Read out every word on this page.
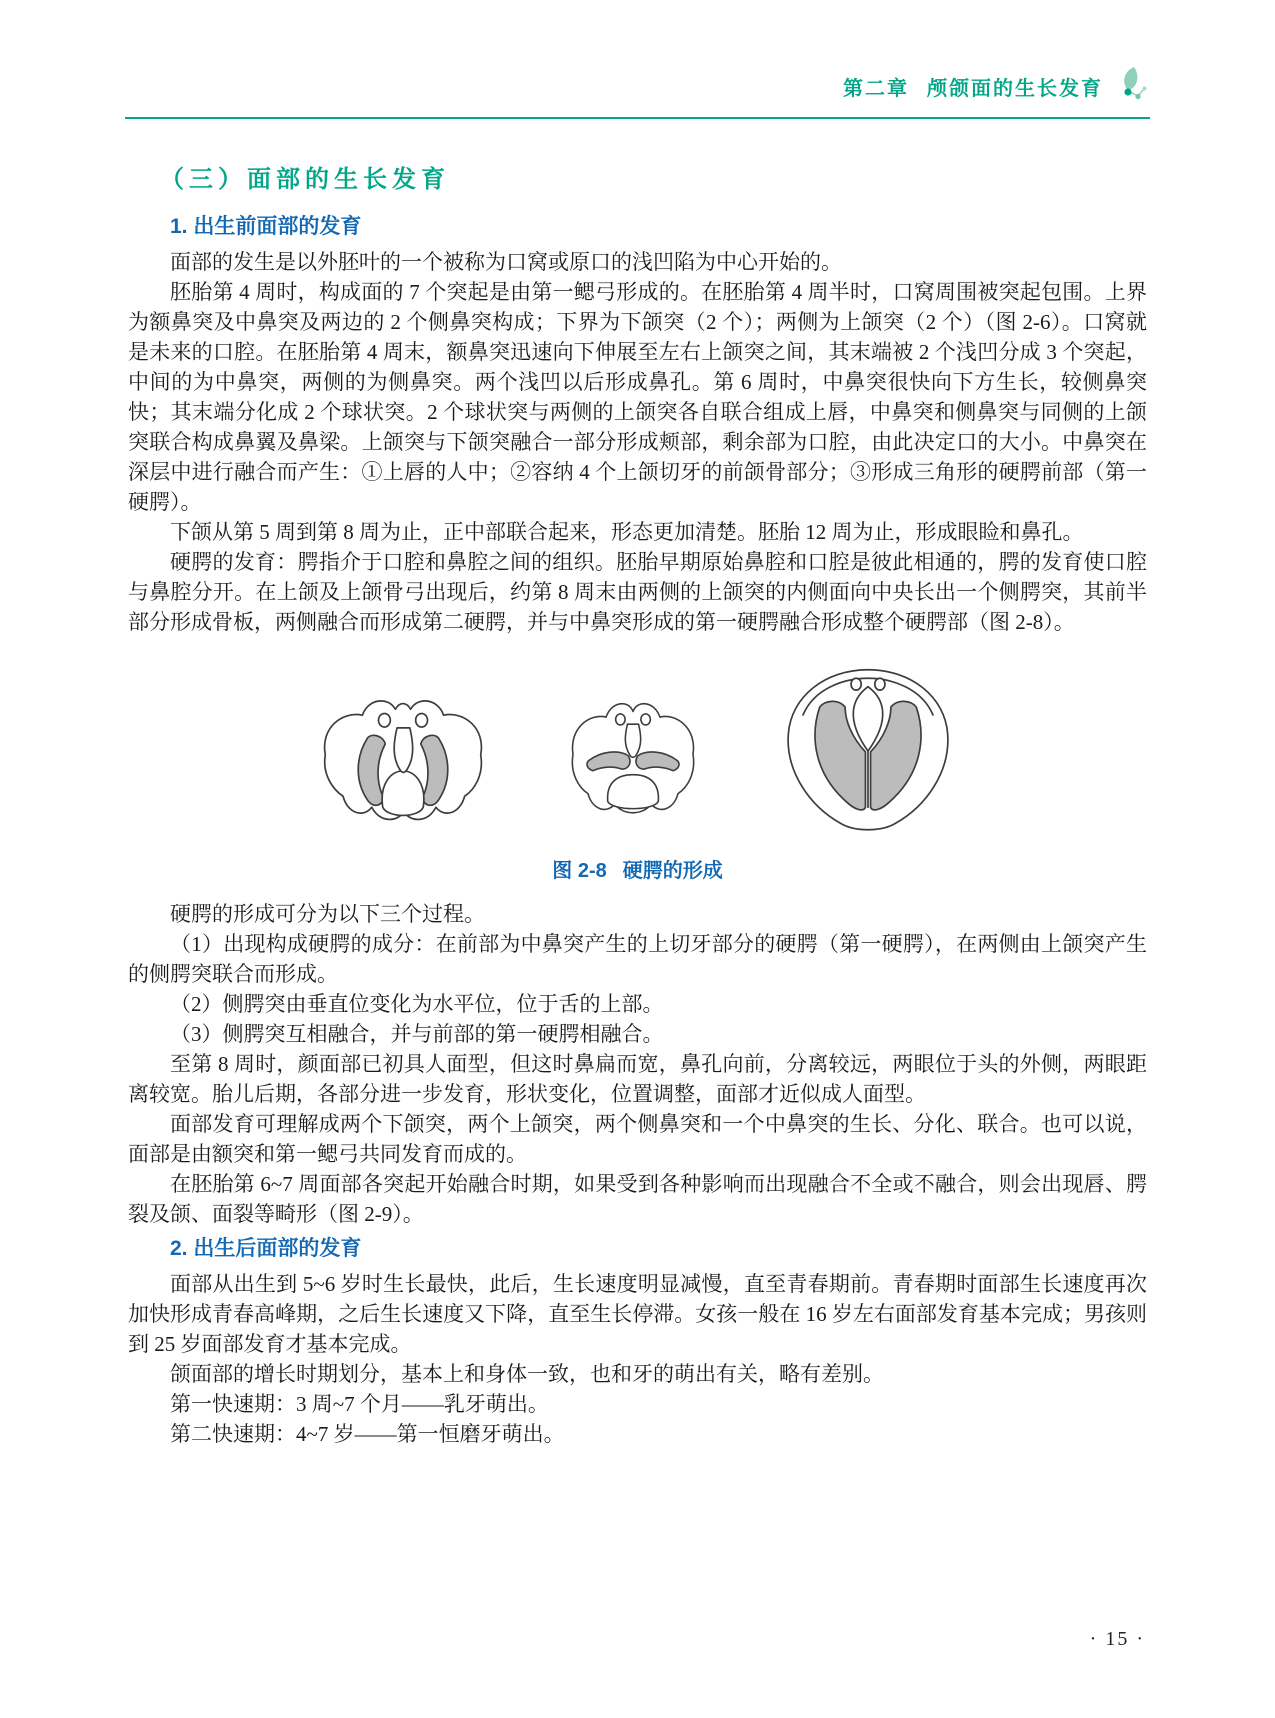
第二章 颅颌面的生长发育
（三）面部的生长发育
1. 出生前面部的发育

面部的发生是以外胚叶的一个被称为口窝或原口的浅凹陷为中心开始的。

胚胎第 4 周时，构成面的 7 个突起是由第一鳃弓形成的。在胚胎第 4 周半时，口窝周围被突起包围。上界为额鼻突及中鼻突及两边的 2 个侧鼻突构成；下界为下颌突（2 个）；两侧为上颌突（2 个）（图 2-6）。口窝就是未来的口腔。在胚胎第 4 周末，额鼻突迅速向下伸展至左右上颌突之间，其末端被 2 个浅凹分成 3 个突起，中间的为中鼻突，两侧的为侧鼻突。两个浅凹以后形成鼻孔。第 6 周时，中鼻突很快向下方生长，较侧鼻突快；其末端分化成 2 个球状突。2 个球状突与两侧的上颌突各自联合组成上唇，中鼻突和侧鼻突与同侧的上颌突联合构成鼻翼及鼻梁。上颌突与下颌突融合一部分形成颊部，剩余部为口腔，由此决定口的大小。中鼻突在深层中进行融合而产生：①上唇的人中；②容纳 4 个上颌切牙的前颌骨部分；③形成三角形的硬腭前部（第一硬腭）。

下颌从第 5 周到第 8 周为止，正中部联合起来，形态更加清楚。胚胎 12 周为止，形成眼睑和鼻孔。

硬腭的发育：腭指介于口腔和鼻腔之间的组织。胚胎早期原始鼻腔和口腔是彼此相通的，腭的发育使口腔与鼻腔分开。在上颌及上颌骨弓出现后，约第 8 周末由两侧的上颌突的内侧面向中央长出一个侧腭突，其前半部分形成骨板，两侧融合而形成第二硬腭，并与中鼻突形成的第一硬腭融合形成整个硬腭部（图 2-8）。

图 2-8 硬腭的形成

硬腭的形成可分为以下三个过程。

（1）出现构成硬腭的成分：在前部为中鼻突产生的上切牙部分的硬腭（第一硬腭），在两侧由上颌突产生的侧腭突联合而形成。

（2）侧腭突由垂直位变化为水平位，位于舌的上部。

（3）侧腭突互相融合，并与前部的第一硬腭相融合。

至第 8 周时，颜面部已初具人面型，但这时鼻扁而宽，鼻孔向前，分离较远，两眼位于头的外侧，两眼距离较宽。胎儿后期，各部分进一步发育，形状变化，位置调整，面部才近似成人面型。

面部发育可理解成两个下颌突，两个上颌突，两个侧鼻突和一个中鼻突的生长、分化、联合。也可以说，面部是由额突和第一鳃弓共同发育而成的。

在胚胎第 6~7 周面部各突起开始融合时期，如果受到各种影响而出现融合不全或不融合，则会出现唇、腭裂及颌、面裂等畸形（图 2-9）。

2. 出生后面部的发育

面部从出生到 5~6 岁时生长最快，此后，生长速度明显减慢，直至青春期前。青春期时面部生长速度再次加快形成青春高峰期，之后生长速度又下降，直至生长停滞。女孩一般在 16 岁左右面部发育基本完成；男孩则到 25 岁面部发育才基本完成。

颌面部的增长时期划分，基本上和身体一致，也和牙的萌出有关，略有差别。

第一快速期：3 周~7 个月——乳牙萌出。

第二快速期：4~7 岁——第一恒磨牙萌出。

· 15 ·
